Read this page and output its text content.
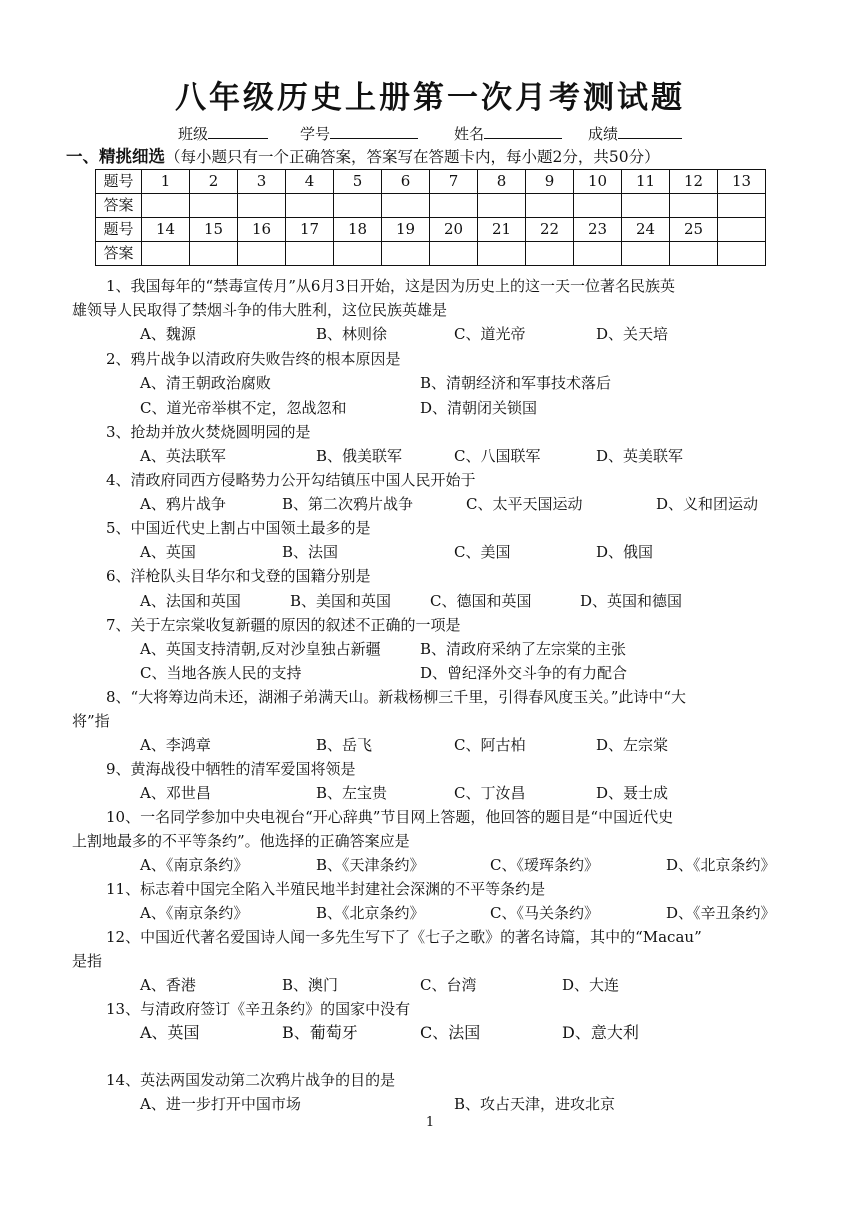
八年级历史上册第一次月考测试题
班级	学号	姓名	成绩
一、精挑细选（每小题只有一个正确答案，答案写在答题卡内，每小题2分，共50分）
题号	1	2	3	4	5	6	7	8	9	10	11	12	13
答案													
题号	14	15	16	17	18	19	20	21	22	23	24	25	
答案													
1、我国每年的“禁毒宣传月”从6月3日开始，这是因为历史上的这一天一位著名民族英
雄领导人民取得了禁烟斗争的伟大胜利，这位民族英雄是
A、魏源	B、林则徐	C、道光帝	D、关天培
2、鸦片战争以清政府失败告终的根本原因是
A、清王朝政治腐败	B、清朝经济和军事技术落后
C、道光帝举棋不定，忽战忽和	D、清朝闭关锁国
3、抢劫并放火焚烧圆明园的是
A、英法联军	B、俄美联军	C、八国联军	D、英美联军
4、清政府同西方侵略势力公开勾结镇压中国人民开始于
A、鸦片战争	B、第二次鸦片战争	C、太平天国运动	D、义和团运动
5、中国近代史上割占中国领土最多的是
A、英国	B、法国	C、美国	D、俄国
6、洋枪队头目华尔和戈登的国籍分别是
A、法国和英国	B、美国和英国	C、德国和英国	D、英国和德国
7、关于左宗棠收复新疆的原因的叙述不正确的一项是
A、英国支持清朝,反对沙皇独占新疆	B、清政府采纳了左宗棠的主张
C、当地各族人民的支持	D、曾纪泽外交斗争的有力配合
8、“大将筹边尚未还，湖湘子弟满天山。新栽杨柳三千里，引得春风度玉关。”此诗中“大
将”指
A、李鸿章	B、岳飞	C、阿古柏	D、左宗棠
9、黄海战役中牺牲的清军爱国将领是
A、邓世昌	B、左宝贵	C、丁汝昌	D、聂士成
10、一名同学参加中央电视台“开心辞典”节目网上答题，他回答的题目是“中国近代史
上割地最多的不平等条约”。他选择的正确答案应是
A、《南京条约》	B、《天津条约》	C、《瑷珲条约》	D、《北京条约》
11、标志着中国完全陷入半殖民地半封建社会深渊的不平等条约是
A、《南京条约》	B、《北京条约》	C、《马关条约》	D、《辛丑条约》
12、中国近代著名爱国诗人闻一多先生写下了《七子之歌》的著名诗篇，其中的“Macau”
是指
A、香港	B、澳门	C、台湾	D、大连
13、与清政府签订《辛丑条约》的国家中没有
A、英国	B、葡萄牙	C、法国	D、意大利
14、英法两国发动第二次鸦片战争的目的是
A、进一步打开中国市场	B、攻占天津，进攻北京
1
